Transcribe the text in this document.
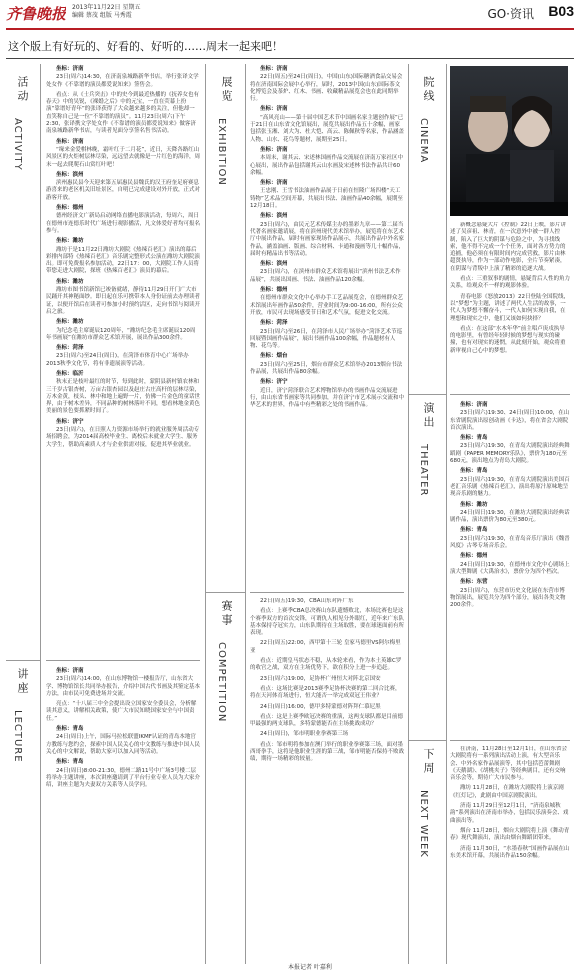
齐鲁晚报 2013年11月22日 星期五
编辑 蔡茂 组版 马秀霞	GO·资讯 B03
这个版上有好玩的、好看的、好听的……周末一起来吧！
活动
ACTIVITY
讲座
LECTURE
展览
EXHIBITION
赛事
COMPETITION
院线
CINEMA
演出
THEATER
下周
NEXT WEEK
坐标：济南

23日(周六)14:30，在济南泉城路新华书店，举行张译文学处女作《不靠谱的演员都爱说知来》签售会。

看点：从《士兵突击》中的史今到最近热播的《抚养女也有春天》中的吴锐，《裸婚之后》中的元宝，一直在荧幕上扮演“靠谱好青年”的张译获得了大众越来越多的关注，但他却一直笑称自己是一位“不靠谱的演员”。11月23日(周六)下午2:30，张译携文学处女作《不靠谱的演员都爱说知来》做客济南泉城路新华书店，与读者见面分享签名售书活动。

坐标：济南

“缘来金爱棋林晚，霜叶红于二月花”，近日，天降各路红山风景区的火炬树层林尽染，远远望去就像是一片红色的海洋，周末一起去爬爬石山赏红叶吧！

坐标：滨州

滨州惠民县今天迎来第五届惠民县魏氏的汉王府奎足府赛息游喜来的老区机关旧址景区，自明已完成建设对外开放，正式对游客开放。

坐标：德州

德州经济文广新局启动网络直播电影演活动，每周六，周日在德州市连德乐时代广场进行观影播活，凡文体爱好者均可报名参与。

坐标：潍坊

潍坊于是11月22日潍坊大剧院《热辣百老汇》演出的幕后彩排内部特《热辣百老汇》音乐剧完整形式公演在潍坊大剧院演出。即可免费报名参加活动，22日17：00，大剧院工作人员将带您走进大剧院，探班《热辣百老汇》演员的幕后。

坐标：潍坊

潍坊市图书馆新馆已竣备就绪，静待11月29日开门广大市民踊开其神秘面纱。即日起在乐可携带本人身份证前去办理读者证，以便开馆后在读者可参加小时预约活区，走向书馆与阅读开启之旅。

坐标：潍坊

为纪念毛主席诞辰120周年，“潍坊纪念毛主席诞辰120周年书画展”在潍坊市群众艺术馆开展，展出作品300余件。

坐标：菏泽

23日(周六)至24日(周日)，在菏泽市体育中心广场举办2013秋季文化节，将有非遗展演等活动。

坐标：临沂

秋末正是枝叶最红的时节，每到此时，蒙阴县新村镇农林和三千岁古银杏树，万亩古银杏园以及赵庄古庄高杆的层林尽染，万木金黄，枝头、林中和地上遍野一片，仿佛一片金色的童话世界，由于树木差异，不同品种的树林落叶不同，想看林地金黄色美丽的景色要抓紧时间了。

坐标：济宁

23日(周六)，在日照人力资源市场举行的就业服务周活动专场招聘会，为2014届高校毕业生、离校后未就业大学生、服务大学生，帮助高素质人才与企业供需对接，促进其毕业就业。

坐标：济南

23日(周六)14:00，在山东博物馆一楼报告厅，山东省大学、博物馆馆长共同举办报告，介绍中国古代书画及其鉴定基本方法，由市民可免费进场并交流。

亮点：“十八届三中全会提出设立国家安全委员会，分析解读其意义，讲解相关政策，使广大市民知晓国家安全与中国责任。”

坐标：青岛

24日(周日)上午，国际马拉松联盟IKMF认证的青岛本地官方教练与您约会，探索中国人民关心的中文教练与推进中国人民关心的中文解说，帮助大家可以加入同等活动。

坐标：青岛

24日(周日)8:00-21:30，德州二路11号中广场3号楼二层将举办主题讲座，本次讲座邀请到了平台行业专业人员为大家介绍，讲座主题为夫妻双方关系等人员学问。

坐标：济南

22日(周五)至24日(周日)，中国(山东)国际糖酒食品交易会将在济南国际会展中心举行，届时，2013中国(山东)国际茶文化博览会及茶炉、红木、书画、收藏精品展览会也在此同期举行。

坐标：济南

“高风亮山——第十届中国艺术节中国画名家主题创作展”已于21日在山东省文化馆展出，展览共展出作品五十余幅，画家包括张玉湘、刘大为、杜大恺、高云、陈佩秋等名家，作品涵盖人物、山水、花鸟等题材，展期至25日。

坐标：济南

本周末，谢其云、宋述林国画作品交流展在济南万家社区中心展出，展出作品包括谢其云山水画及宋述林书法作品共计60余幅。

坐标：济南

王忠刚、王雪书法油画作品展于日前在恒隆广场四楼“天工铸物”艺术品空间开幕，共展出书法、油画作品40余幅，展期至12月18日。

坐标：滨州

23日(周六)，由民元艺术传媒主办的墨彩九章——第二届当代著名画家邀请展，将在滨州现代美术馆举办，展览将在东艺术厅中展出作品，届时有画家现场作品展示，共展出作品中外名家作品，涵盖油画、版画、综合材料、卡通和漫画等几十幅作品，届时有精品出书等活动。

坐标：滨州

23日(周六)，在滨州市群众艺术馆将展出“滨州书法艺术作品展”，共展出国画、书法、油画作品120余幅。

坐标：德州

在德州市群众文化中心举办手工艺品展览会，在德州群众艺术馆展出年画作品50余件，营业时间为9:00-16:00，所有公众开放，市民可去现场感受节日和艺术气氛，促进文化交流。

坐标：菏泽

23日(周六)至26日，在菏泽市人民广场举办“菏泽艺术节巡回展暨国画作品展”，展出书画作品100余幅，作品题材有人物、花鸟等。

坐标：烟台

23日(周六)至25日，烟台市群众艺术馆举办2013烟台书法作品展，共展出作品80余幅。

坐标：济宁

近日，济宁菏泽联合艺术博物馆举办的书画作品交流展进行，由山东省书画家等共同参加，并在济宁市艺术展示交流和中华艺术的世界，作品中有些精彩之处的书画作品。

22日(周五)19:30，CBA山东对阵广东

看点：上赛季CBA总决赛山东队遗憾败北，本场比赛也是这个赛季双方的首次交锋，可谓仇人相见分外眼红，近年来广东队基本保持夺冠实力，山东队期待在主场取胜，要在球迷面前有所表现。

22日(周五)22:00，西甲第十三轮 皇家马德里VS阿尔梅里亚

看点：近期皇马状态不稳，从本轮来看，作为本土英雄C罗的收官之战，双方在主场优势下，欲在积分上进一步追赶。

23日(周六)19:00，足协杯广州恒大对阵北京国安

看点：这场比赛是2013赛季足协杯决赛的第二回合比赛，将在天河体育场进行，恒大能否一举完成双冠王伟业？

24日(周日)16:00，德甲多特蒙德对阵拜仁慕尼黑

看点：这是上赛季欧冠决赛的重演，这两支球队都是目前德甲最强的两支球队，多特蒙德能否在主场挑战成功？

24日(周日)，邹市明职业拳赛第三场

看点：邹市明将参加在澳门举行的职业拳赛第三场，面对墨西哥拳手，这将是他职业生涯的第三战，邹市明能否保持不败战绩，期待一场精彩的较量。

本报记者 叶嘉利

新概念悬疑大片《控制》22日上映，影片讲述了吴彦祖、林青，在一次意外中被一群人控制，陷入了巨大的阴谋与危险之中，为寻找线索，他不得不完成一个个任务，面对各方势力的追捕，他必须在有限时间内完成营救，影片由林超贤执导，作为一部动作电影，全片节奏紧凑，在阴谋与背叛中上演了精彩的追逐大战。

看点：三重叙事的剧情，悬疑背后人性的角力关系，给观众不一样的观影体验。

青春电影《怒放2013》22日登陆全国院线，以“梦想”为主题，讲述了两代人生活的故事，一代人为梦想不懈奋斗，一代人如何实现自我，在理想和现实之中，他们又该如何抉择？

看点：在这部“水木年华”前主唱卢庚戌执导的电影里，有曾经年轻时候的梦想与现实的碰撞，也有对现实的迷惘，从此刻开始，观众将重新审视自己心中的梦想。

坐标：济南

23日(周六)19:30、24日(周日)10:00，在山东省剧院演出原创动画《卡达》，将在省会大剧院首次演出。

坐标：青岛

23日(周六)19:30，在青岛大剧院演出经典舞蹈剧《PAPER MEMORY乐队》，票价为180元至680元，演出地点为青岛大剧院。

坐标：青岛

23日(周六)19:30，在青岛大剧院演出美国百老汇音乐剧《热辣百老汇》，演出将原汁原味地呈现音乐剧的魅力。

坐标：潍坊

24日(周日)19:30，在潍坊大剧院演出经典话剧作品，演出票价为80元至380元。

坐标：青岛

23日(周六)19:30，在青岛音乐厅演出《魏晋风度》古琴专场音乐会。

坐标：德州

24日(周日)19:30，在德州市文化中心剧场上演大型舞剧《大禹治水》，票价分为四个档次。

坐标：东营

23日(周六)，东营市历史文化展在东营市博物馆展出，展览共分为四个部分，展出各类文物200余件。

在济南，11月28日至12月1日，在山东省会大剧院将有一系列演出活动上演，有大型音乐会、中外名家作品展演等，其中包括芭蕾舞剧《天鹅湖》、《胡桃夹子》等经典剧目，还有交响音乐会等，期待广大市民参与。

潍坊 11月28日，在潍坊大剧院将上演京剧《红灯记》，此剧由中国京剧院演出。

济南 11月29日至12月1日，“济南泉城秋韵”系列演出在济南市举办，包括民乐演奏会、戏曲演出等。

烟台 11月28日，烟台大剧院将上演《舞动青春》现代舞演出，演出由烟台舞蹈团带来。

济南 11月30日，“水墨春秋”国画作品展在山东美术馆开幕，共展出作品150余幅。
